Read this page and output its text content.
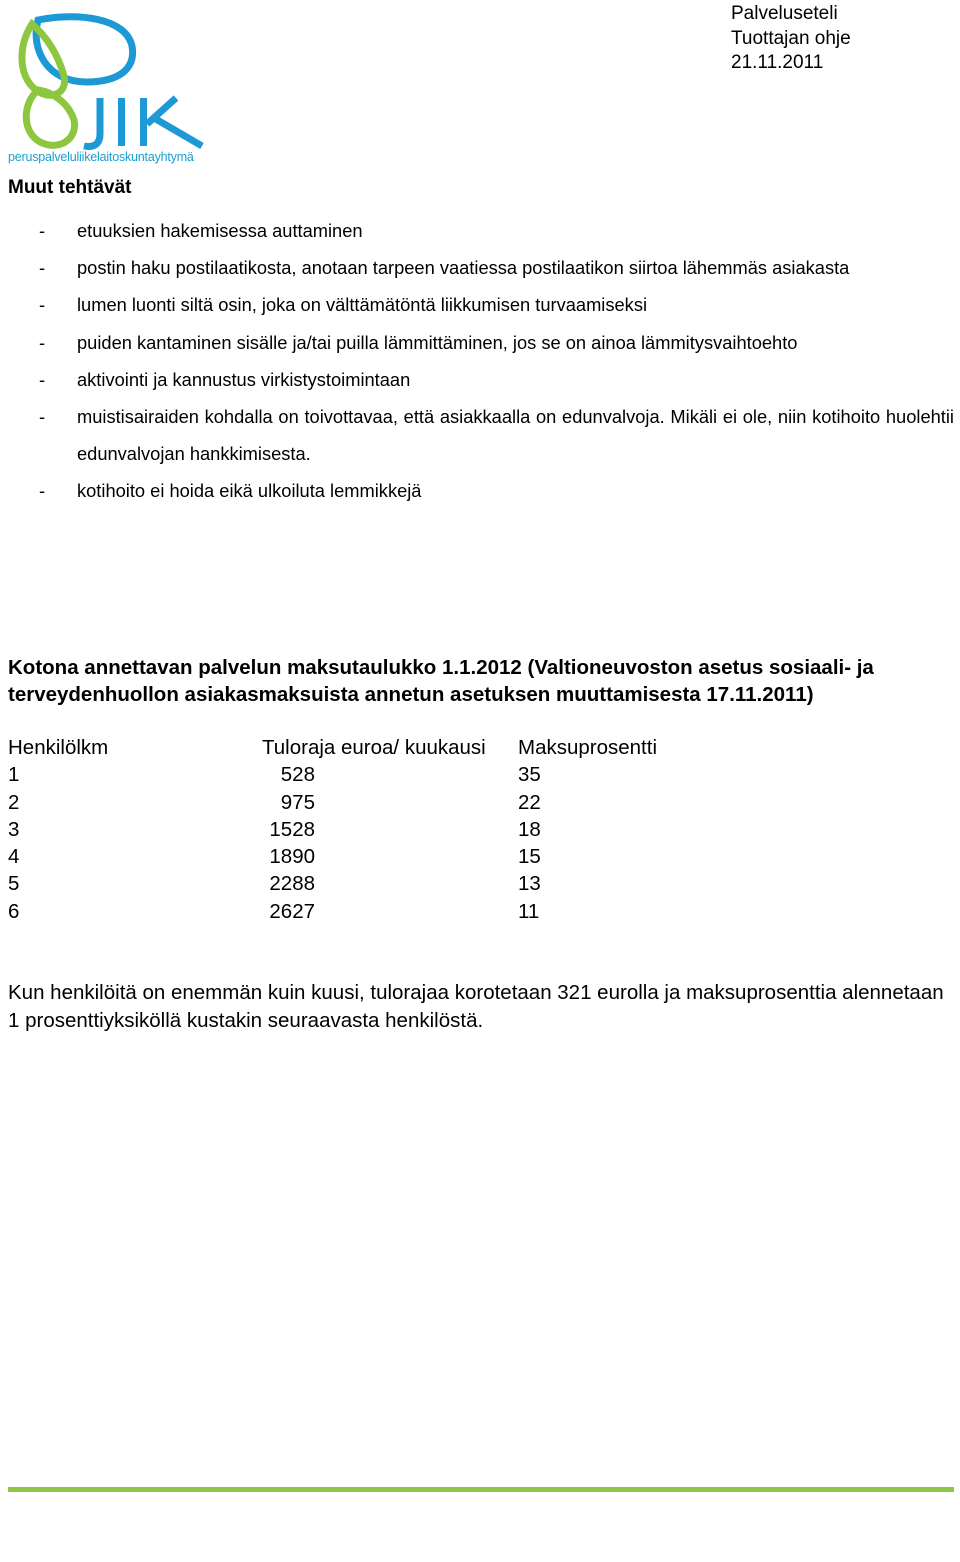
peruspalveluliikelaitoskuntayhtymä
Palveluseteli
Tuottajan ohje
21.11.2011
Muut tehtävät
-	etuuksien hakemisessa auttaminen
-	postin haku postilaatikosta, anotaan tarpeen vaatiessa postilaatikon siirtoa lähemmäs asiakasta
-	lumen luonti siltä osin, joka on välttämätöntä liikkumisen turvaamiseksi
-	puiden kantaminen sisälle ja/tai puilla lämmittäminen, jos se on ainoa lämmitysvaihtoehto
-	aktivointi ja kannustus virkistystoimintaan
-	muistisairaiden kohdalla on toivottavaa, että asiakkaalla on edunvalvoja. Mikäli ei ole, niin kotihoito huolehtii edunvalvojan hankkimisesta.
-	kotihoito ei hoida eikä ulkoiluta lemmikkejä
Kotona annettavan palvelun maksutaulukko 1.1.2012 (Valtioneuvoston asetus sosiaali- ja terveydenhuollon asiakasmaksuista annetun asetuksen muuttamisesta 17.11.2011)
Henkilölkm	Tuloraja euroa/ kuukausi	Maksuprosentti
1	528	35
2	975	22
3	1528	18
4	1890	15
5	2288	13
6	2627	11
Kun henkilöitä on enemmän kuin kuusi, tulorajaa korotetaan 321 eurolla ja maksuprosenttia alennetaan 1 prosenttiyksiköllä kustakin seuraavasta henkilöstä.
JIK-peruspalveluliikelaitoskuntayhtymä Y-tunnus: 2220682-7
Könnintie 27 B, 60800 Ilmajoki
kirjaamo@jikky.fi www.jikky.fi
